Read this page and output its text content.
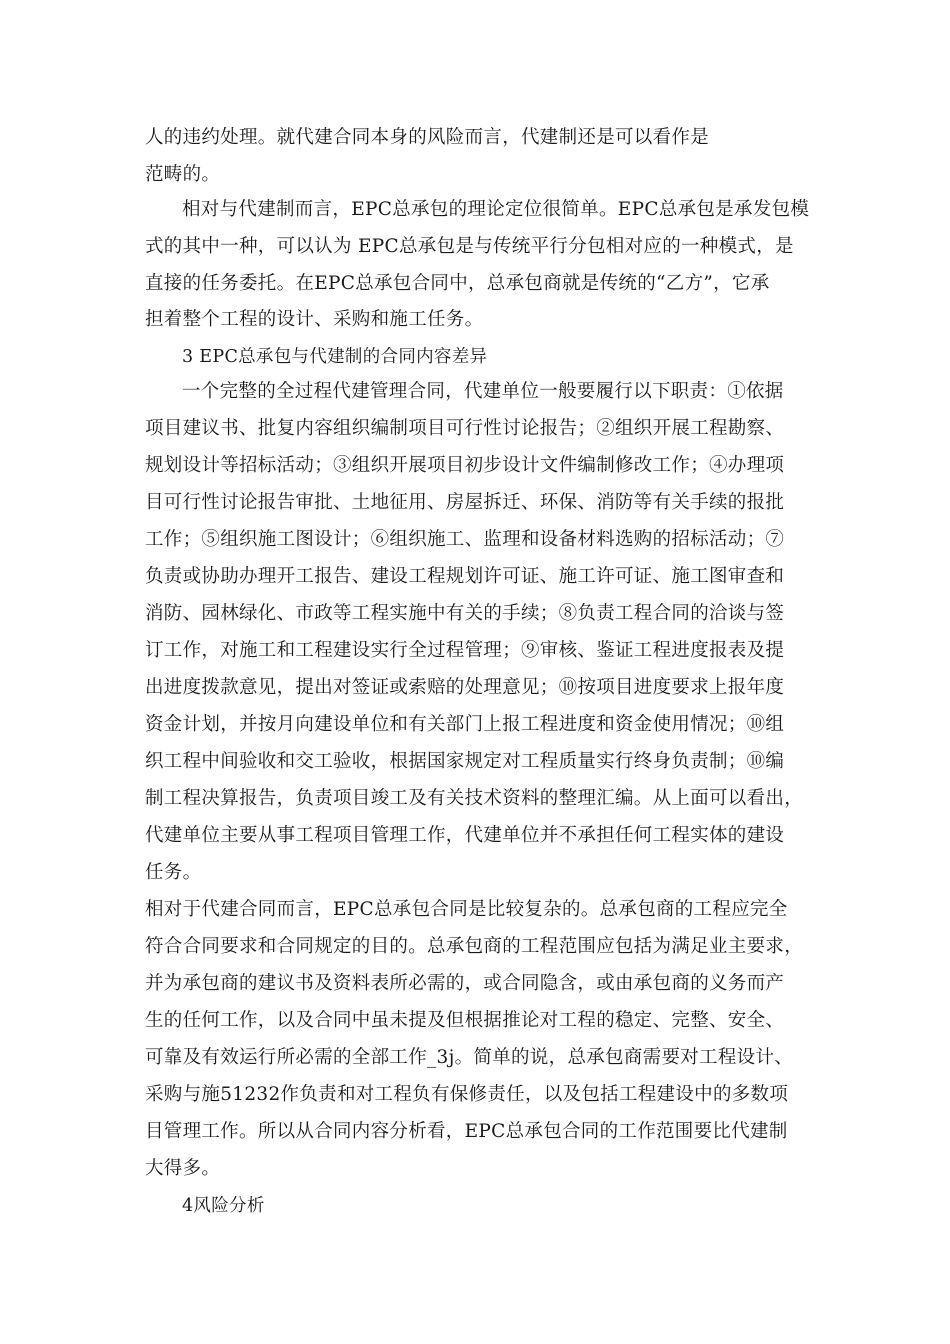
人的违约处理。就代建合同本身的风险而言，代建制还是可以看作是
范畴的。
相对与代建制而言，EPC总承包的理论定位很简单。EPC总承包是承发包模
式的其中一种，可以认为 EPC总承包是与传统平行分包相对应的一种模式，是
直接的任务委托。在EPC总承包合同中，总承包商就是传统的“乙方”，它承
担着整个工程的设计、采购和施工任务。
3 EPC总承包与代建制的合同内容差异
一个完整的全过程代建管理合同，代建单位一般要履行以下职责：①依据
项目建议书、批复内容组织编制项目可行性讨论报告；②组织开展工程勘察、
规划设计等招标活动；③组织开展项目初步设计文件编制修改工作；④办理项
目可行性讨论报告审批、土地征用、房屋拆迁、环保、消防等有关手续的报批
工作；⑤组织施工图设计；⑥组织施工、监理和设备材料选购的招标活动；⑦
负责或协助办理开工报告、建设工程规划许可证、施工许可证、施工图审查和
消防、园林绿化、市政等工程实施中有关的手续；⑧负责工程合同的洽谈与签
订工作，对施工和工程建设实行全过程管理；⑨审核、鉴证工程进度报表及提
出进度拨款意见，提出对签证或索赔的处理意见；⑩按项目进度要求上报年度
资金计划，并按月向建设单位和有关部门上报工程进度和资金使用情况；⑩组
织工程中间验收和交工验收，根据国家规定对工程质量实行终身负责制；⑩编
制工程决算报告，负责项目竣工及有关技术资料的整理汇编。从上面可以看出，
代建单位主要从事工程项目管理工作，代建单位并不承担任何工程实体的建设
任务。
相对于代建合同而言，EPC总承包合同是比较复杂的。总承包商的工程应完全
符合合同要求和合同规定的目的。总承包商的工程范围应包括为满足业主要求，
并为承包商的建议书及资料表所必需的，或合同隐含，或由承包商的义务而产
生的任何工作，以及合同中虽未提及但根据推论对工程的稳定、完整、安全、
可靠及有效运行所必需的全部工作_3j。简单的说，总承包商需要对工程设计、
采购与施51232作负责和对工程负有保修责任，以及包括工程建设中的多数项
目管理工作。所以从合同内容分析看，EPC总承包合同的工作范围要比代建制
大得多。
4风险分析
